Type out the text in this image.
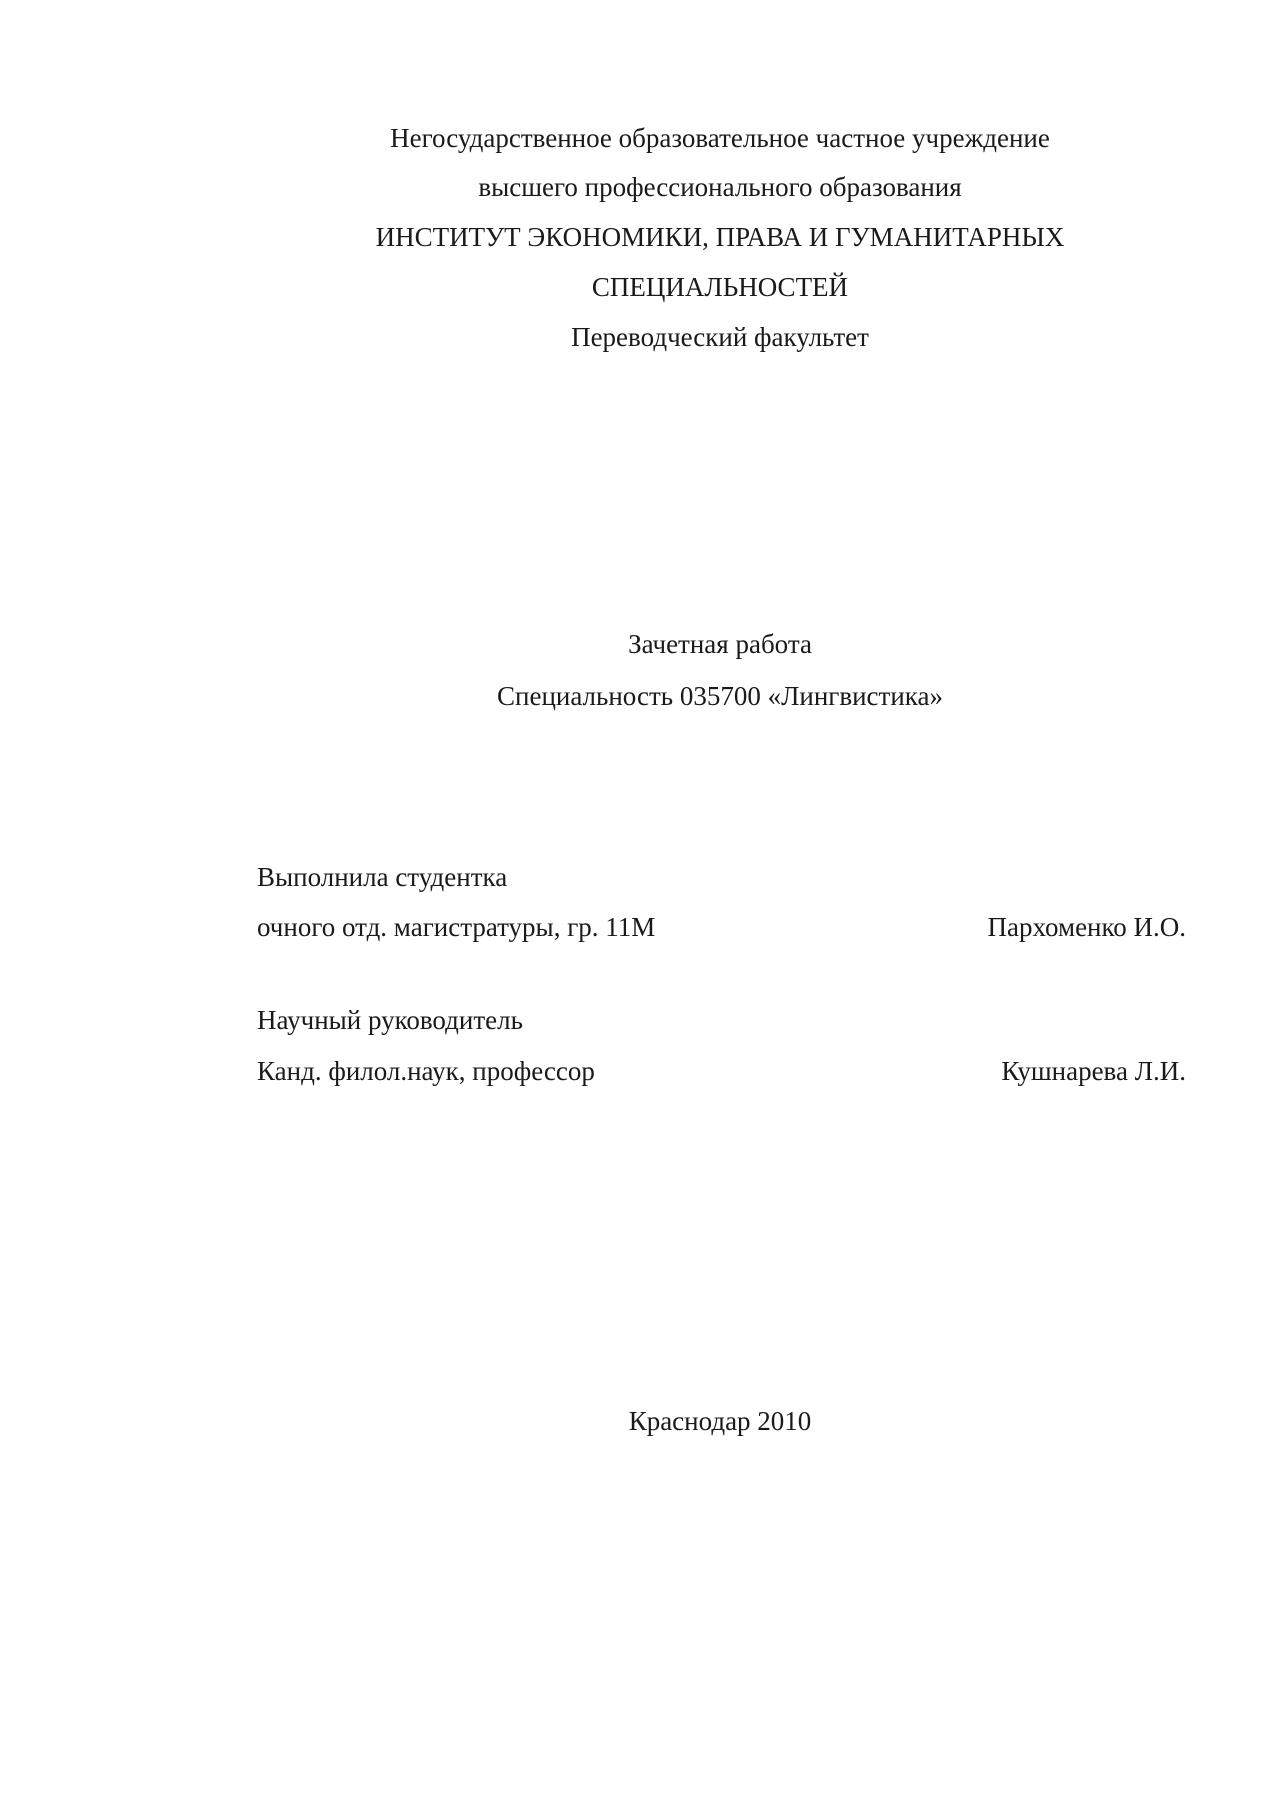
Негосударственное образовательное частное учреждение
высшего профессионального образования
ИНСТИТУТ ЭКОНОМИКИ, ПРАВА И ГУМАНИТАРНЫХ
СПЕЦИАЛЬНОСТЕЙ
Переводческий факультет
Зачетная работа
Специальность 035700 «Лингвистика»
Выполнила студентка
очного отд. магистратуры, гр. 11М	Пархоменко И.О.
Научный руководитель
Канд. филол.наук, профессор	Кушнарева Л.И.
Краснодар 2010
